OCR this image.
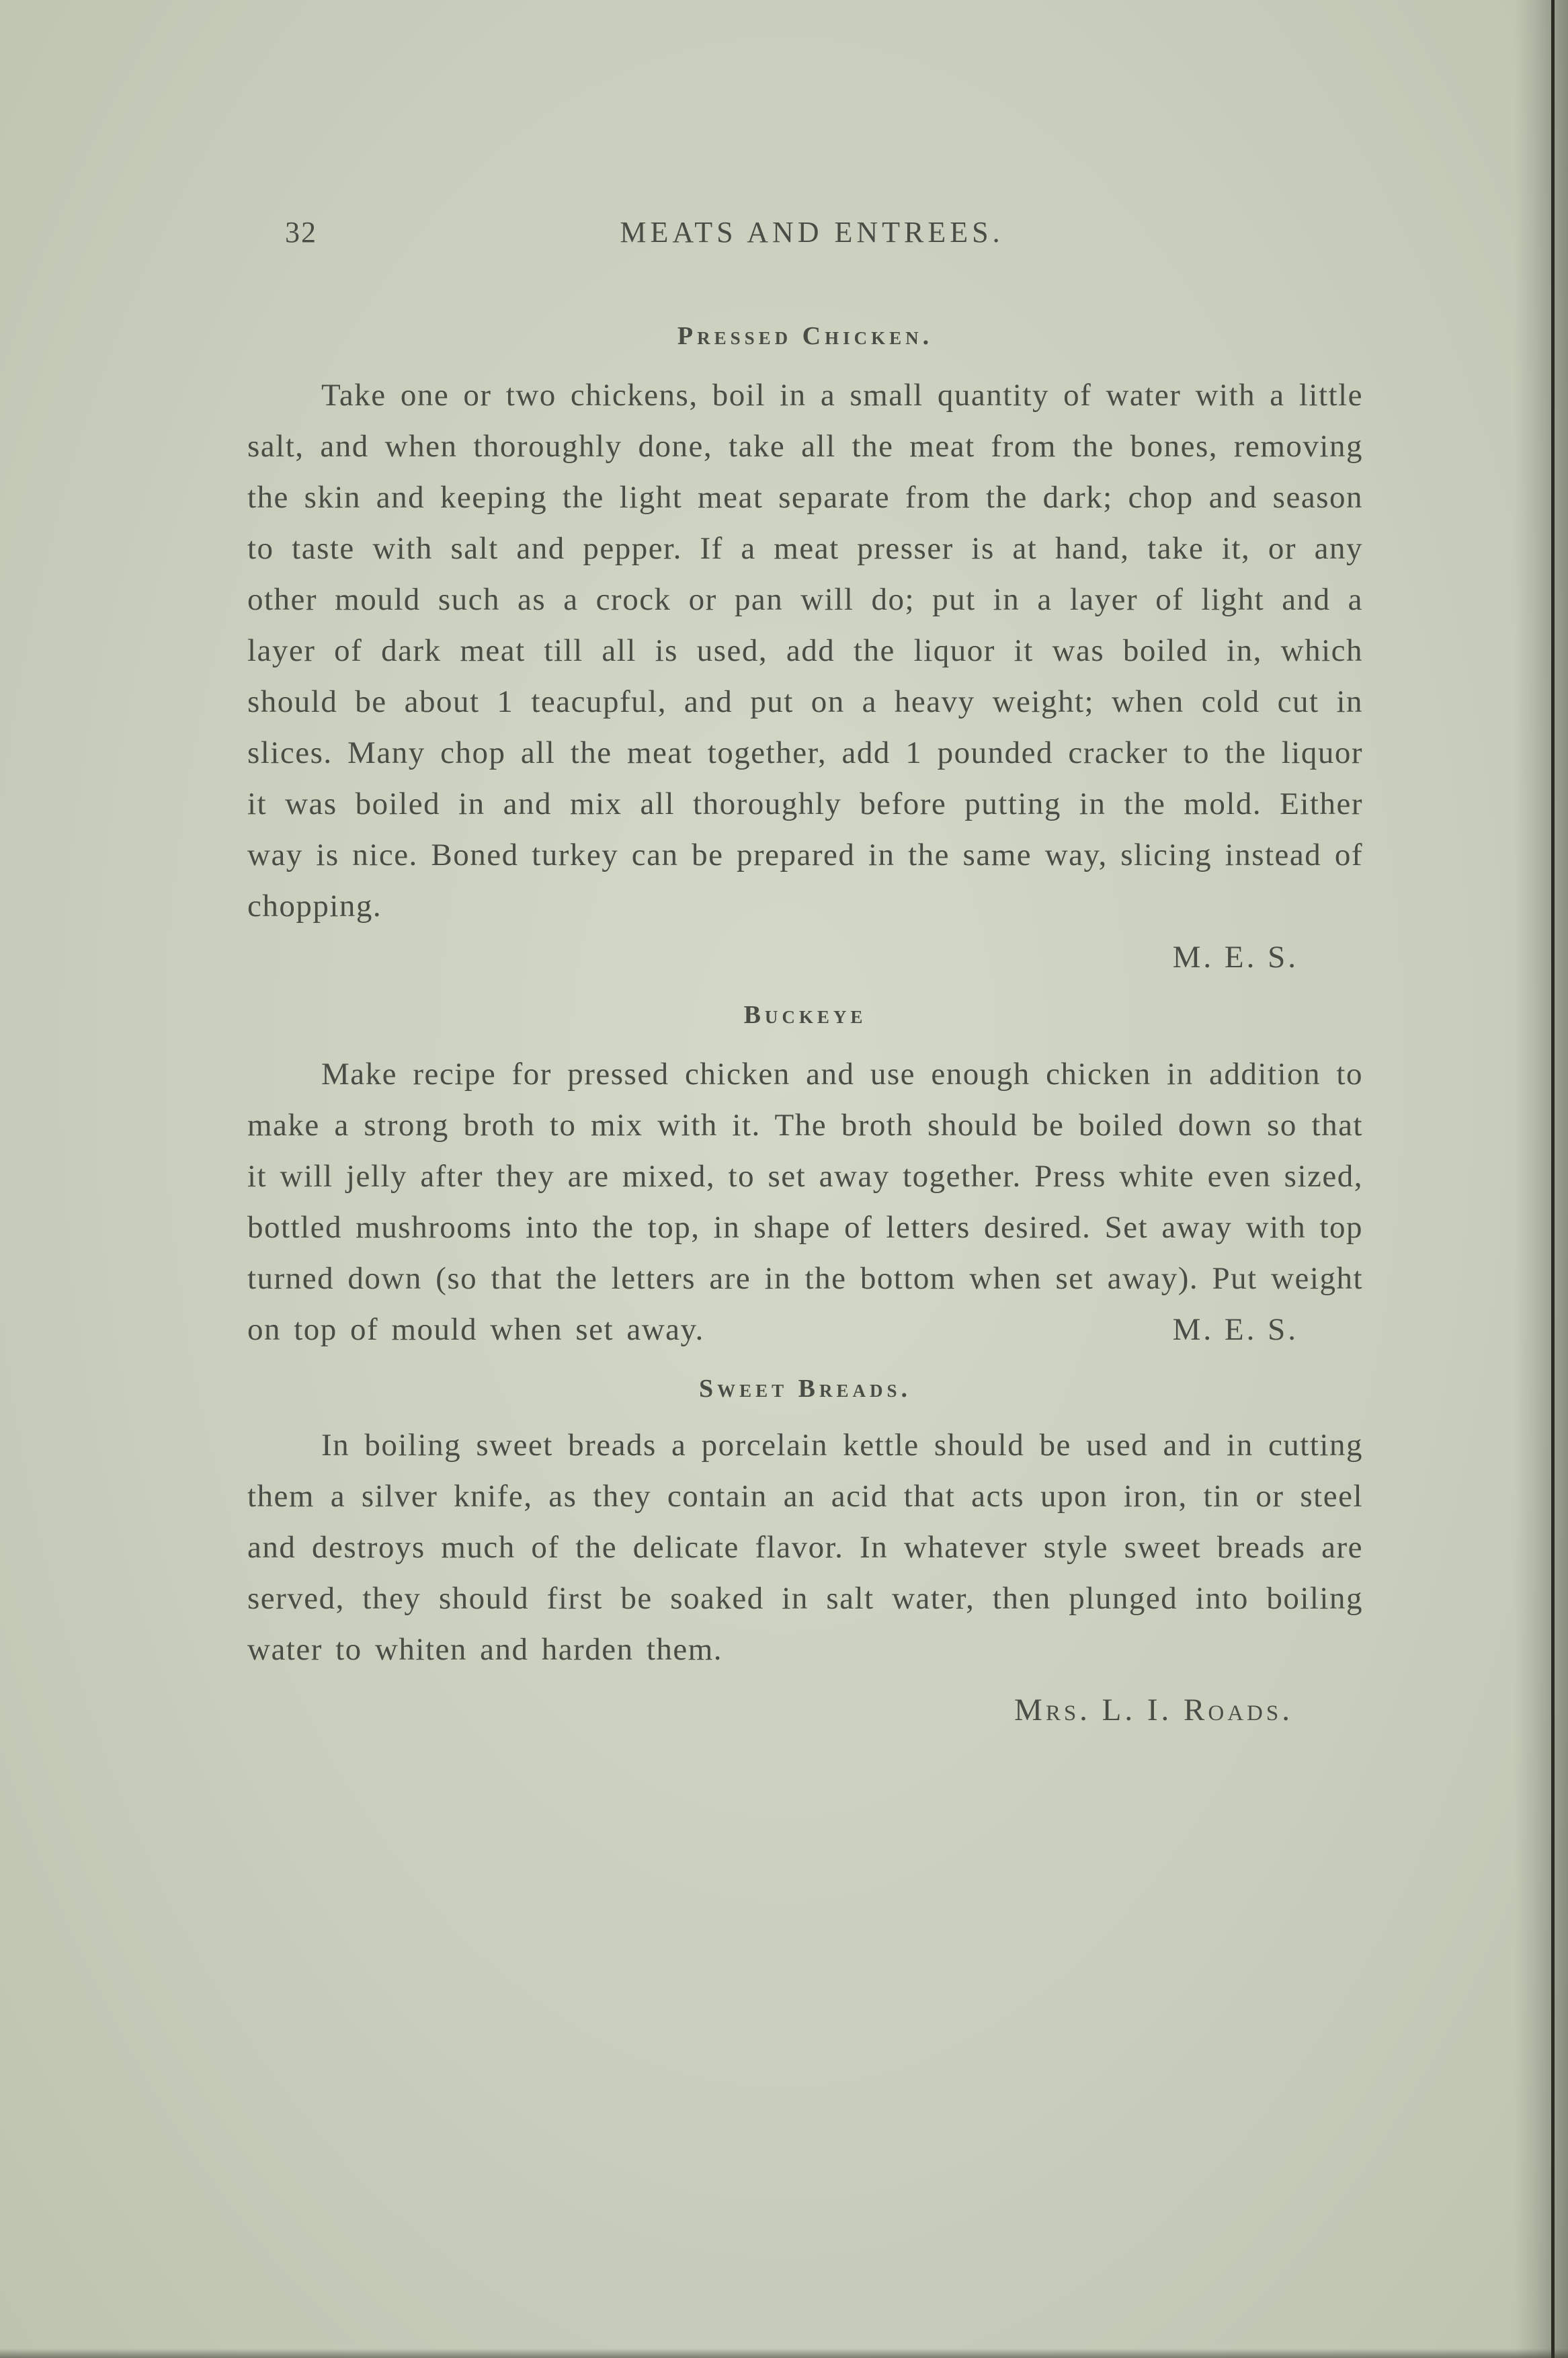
32	MEATS AND ENTREES.
Pressed Chicken.

Take one or two chickens, boil in a small quantity of water with a little salt, and when thoroughly done, take all the meat from the bones, removing the skin and keeping the light meat separate from the dark; chop and season to taste with salt and pepper. If a meat presser is at hand, take it, or any other mould such as a crock or pan will do; put in a layer of light and a layer of dark meat till all is used, add the liquor it was boiled in, which should be about 1 teacupful, and put on a heavy weight; when cold cut in slices. Many chop all the meat together, add 1 pounded cracker to the liquor it was boiled in and mix all thoroughly before putting in the mold. Either way is nice. Boned turkey can be prepared in the same way, slicing instead of chopping.

M. E. S.

Buckeye

Make recipe for pressed chicken and use enough chicken in addition to make a strong broth to mix with it. The broth should be boiled down so that it will jelly after they are mixed, to set away together. Press white even sized, bottled mushrooms into the top, in shape of letters desired. Set away with top turned down (so that the letters are in the bottom when set away). Put weight on top of mould when set away.	M. E. S.

Sweet Breads.

In boiling sweet breads a porcelain kettle should be used and in cutting them a silver knife, as they contain an acid that acts upon iron, tin or steel and destroys much of the delicate flavor. In whatever style sweet breads are served, they should first be soaked in salt water, then plunged into boiling water to whiten and harden them.

Mrs. L. I. Roads.
